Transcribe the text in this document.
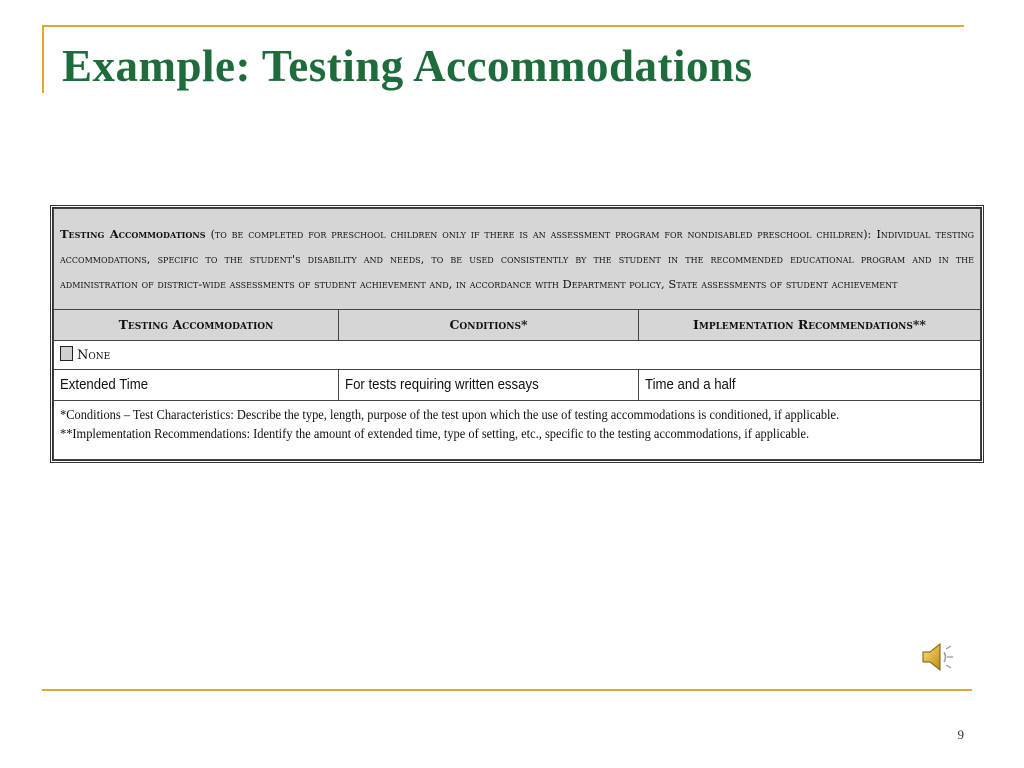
Example: Testing Accommodations
Testing Accommodations (to be completed for preschool children only if there is an assessment program for nondisabled preschool children): Individual testing accommodations, specific to the student's disability and needs, to be used consistently by the student in the recommended educational program and in the administration of district-wide assessments of student achievement and, in accordance with Department policy, State assessments of student achievement		
Testing Accommodation	Conditions*	Implementation Recommendations**
None		
Extended Time	For tests requiring written essays	Time and a half

*Conditions – Test Characteristics: Describe the type, length, purpose of the test upon which the use of testing accommodations is conditioned, if applicable.
**Implementation Recommendations: Identify the amount of extended time, type of setting, etc., specific to the testing accommodations, if applicable.		
9
